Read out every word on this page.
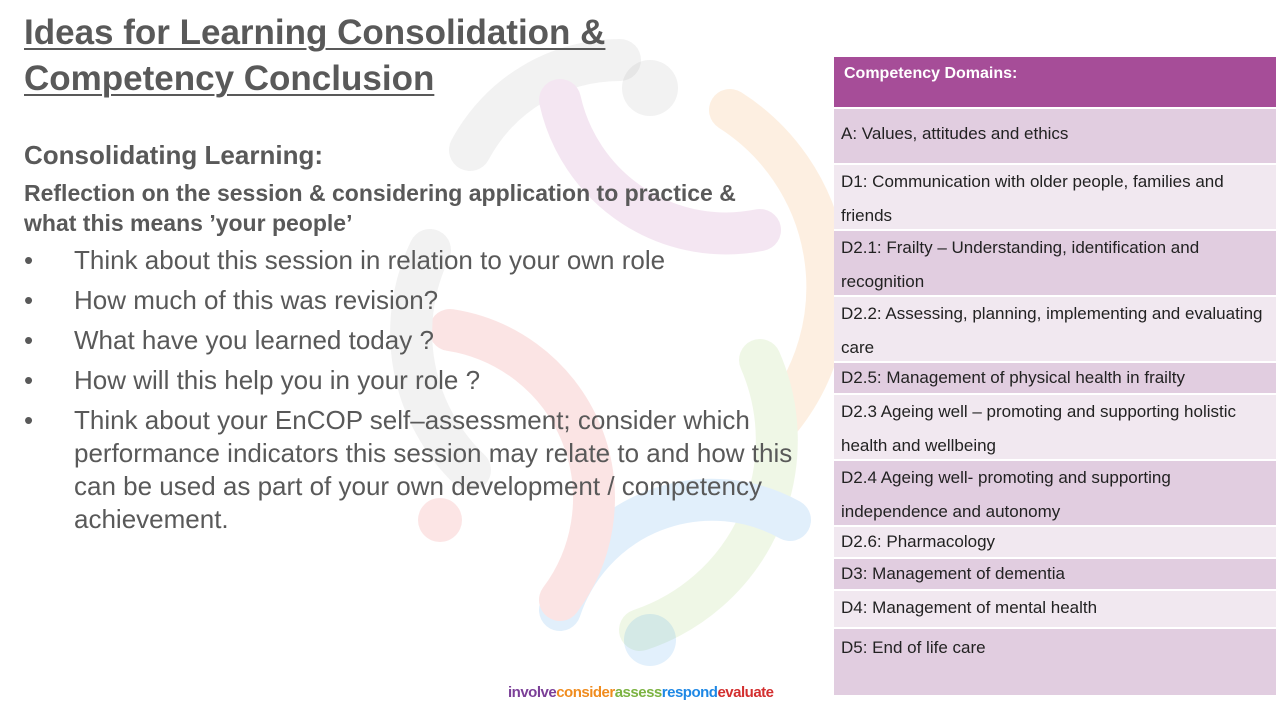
Ideas for Learning Consolidation &
Competency Conclusion
Consolidating Learning:

Reflection on the session & considering application to practice &
what this means ’your people’

• Think about this session in relation to your own role
• How much of this was revision?
• What have you learned today ?
• How will this help you in your role ?
• Think about your EnCOP self–assessment; consider which performance indicators this session may relate to and how this can be used as part of your own development / competency achievement.
Competency Domains:
A: Values, attitudes and ethics
D1: Communication with older people, families and friends
D2.1: Frailty – Understanding, identification and recognition
D2.2: Assessing, planning, implementing and evaluating care
D2.5: Management of physical health in frailty
D2.3 Ageing well – promoting and supporting holistic health and wellbeing
D2.4 Ageing well- promoting and supporting independence and autonomy
D2.6: Pharmacology
D3: Management of dementia
D4: Management of mental health
D5: End of life care
involveconsiderassessrespondevaluate
